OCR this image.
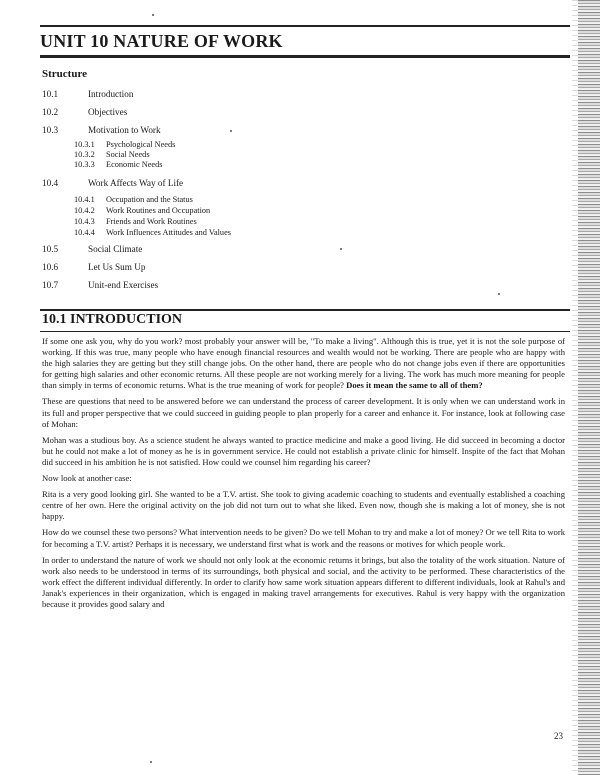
UNIT 10 NATURE OF WORK
Structure
10.1	Introduction
10.2	Objectives
10.3	Motivation to Work
10.3.1 Psychological Needs
10.3.2 Social Needs
10.3.3 Economic Needs
10.4	Work Affects Way of Life
10.4.1 Occupation and the Status
10.4.2 Work Routines and Occupation
10.4.3 Friends and Work Routines
10.4.4 Work Influences Attitudes and Values
10.5	Social Climate
10.6	Let Us Sum Up
10.7	Unit-end Exercises
10.1 INTRODUCTION

If some one ask you, why do you work? most probably your answer will be, "To make a living". Although this is true, yet it is not the sole purpose of working. If this was true, many people who have enough financial resources and wealth would not be working. There are people who are happy with the high salaries they are getting but they still change jobs. On the other hand, there are people who do not change jobs even if there are opportunities for getting high salaries and other economic returns. All these people are not working merely for a living. The work has much more meaning for people than simply in terms of economic returns. What is the true meaning of work for people? Does it mean the same to all of them?

These are questions that need to be answered before we can understand the process of career development. It is only when we can understand work in its full and proper perspective that we could succeed in guiding people to plan properly for a career and enhance it. For instance, look at following case of Mohan:

Mohan was a studious boy. As a science student he always wanted to practice medicine and make a good living. He did succeed in becoming a doctor but he could not make a lot of money as he is in government service. He could not establish a private clinic for himself. Inspite of the fact that Mohan did succeed in his ambition he is not satisfied. How could we counsel him regarding his career?

Now look at another case:

Rita is a very good looking girl. She wanted to be a T.V. artist. She took to giving academic coaching to students and eventually established a coaching centre of her own. Here the original activity on the job did not turn out to what she liked. Even now, though she is making a lot of money, she is not happy.

How do we counsel these two persons? What intervention needs to be given? Do we tell Mohan to try and make a lot of money? Or we tell Rita to work for becoming a T.V. artist? Perhaps it is necessary, we understand first what is work and the reasons or motives for which people work.

In order to understand the nature of work we should not only look at the economic returns it brings, but also the totality of the work situation. Nature of work also needs to be understood in terms of its surroundings, both physical and social, and the activity to be performed. These characteristics of the work effect the different individual differently. In order to clarify how same work situation appears different to different individuals, look at Rahul's and Janak's experiences in their organization, which is engaged in making travel arrangements for executives. Rahul is very happy with the organization because it provides good salary and

23
